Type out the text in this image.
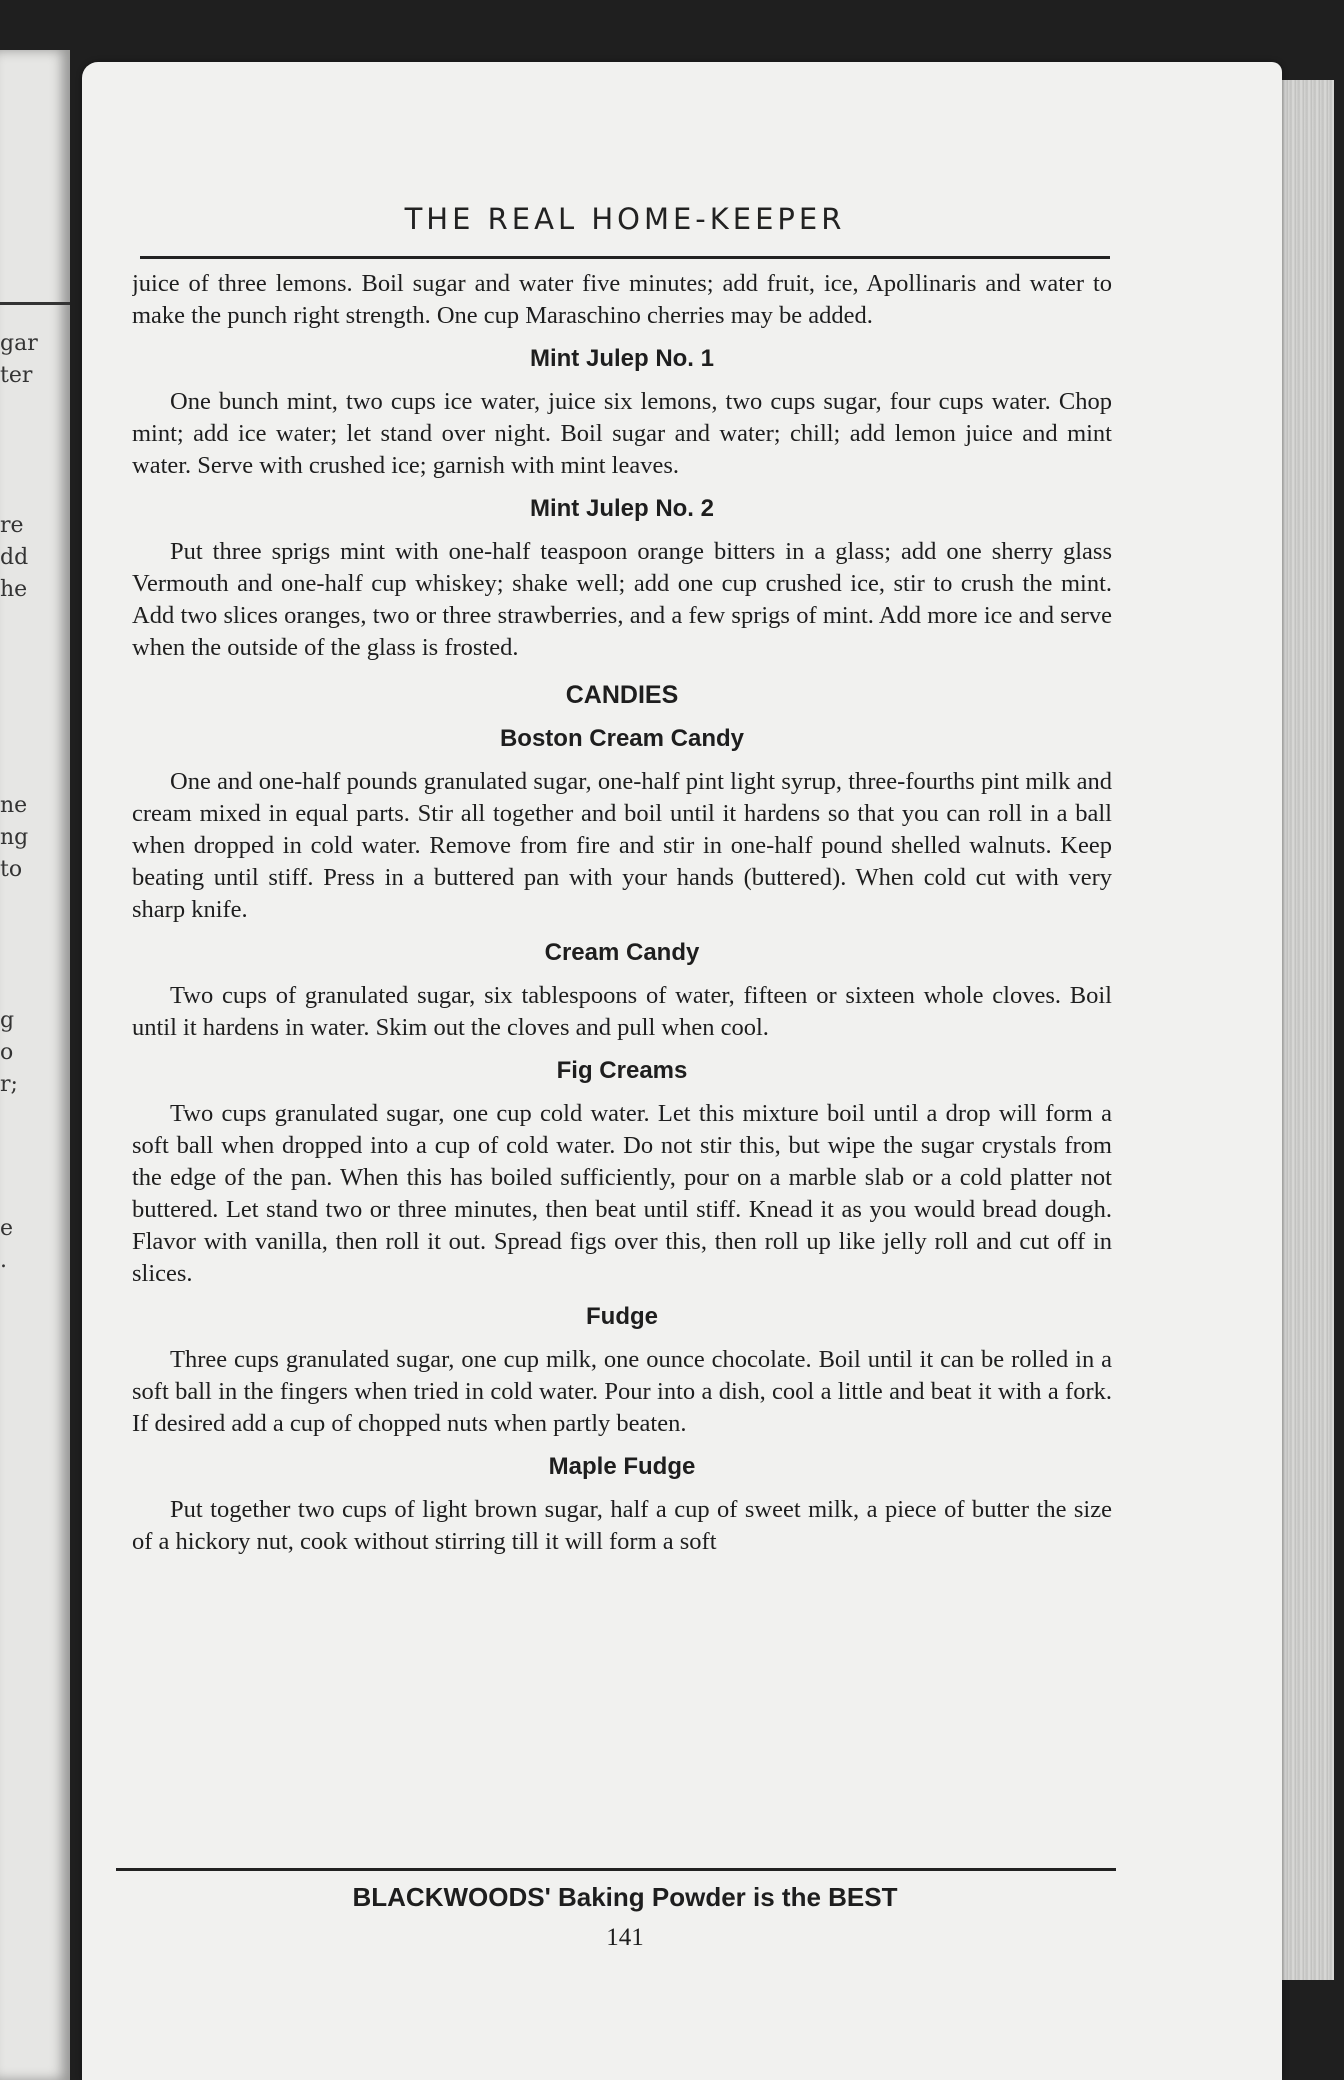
gar
ter
re
dd
he
ne
ng
to
g
o
r;
e
.
THE REAL HOME-KEEPER

juice of three lemons. Boil sugar and water five minutes; add fruit, ice, Apollinaris and water to make the punch right strength. One cup Maraschino cherries may be added.

Mint Julep No. 1

One bunch mint, two cups ice water, juice six lemons, two cups sugar, four cups water. Chop mint; add ice water; let stand over night. Boil sugar and water; chill; add lemon juice and mint water. Serve with crushed ice; garnish with mint leaves.

Mint Julep No. 2

Put three sprigs mint with one-half teaspoon orange bitters in a glass; add one sherry glass Vermouth and one-half cup whiskey; shake well; add one cup crushed ice, stir to crush the mint. Add two slices oranges, two or three strawberries, and a few sprigs of mint. Add more ice and serve when the outside of the glass is frosted.

CANDIES
Boston Cream Candy

One and one-half pounds granulated sugar, one-half pint light syrup, three-fourths pint milk and cream mixed in equal parts. Stir all together and boil until it hardens so that you can roll in a ball when dropped in cold water. Remove from fire and stir in one-half pound shelled walnuts. Keep beating until stiff. Press in a buttered pan with your hands (buttered). When cold cut with very sharp knife.

Cream Candy

Two cups of granulated sugar, six tablespoons of water, fifteen or sixteen whole cloves. Boil until it hardens in water. Skim out the cloves and pull when cool.

Fig Creams

Two cups granulated sugar, one cup cold water. Let this mixture boil until a drop will form a soft ball when dropped into a cup of cold water. Do not stir this, but wipe the sugar crystals from the edge of the pan. When this has boiled sufficiently, pour on a marble slab or a cold platter not buttered. Let stand two or three minutes, then beat until stiff. Knead it as you would bread dough. Flavor with vanilla, then roll it out. Spread figs over this, then roll up like jelly roll and cut off in slices.

Fudge

Three cups granulated sugar, one cup milk, one ounce chocolate. Boil until it can be rolled in a soft ball in the fingers when tried in cold water. Pour into a dish, cool a little and beat it with a fork. If desired add a cup of chopped nuts when partly beaten.

Maple Fudge

Put together two cups of light brown sugar, half a cup of sweet milk, a piece of butter the size of a hickory nut, cook without stirring till it will form a soft

BLACKWOODS' Baking Powder is the BEST
141
